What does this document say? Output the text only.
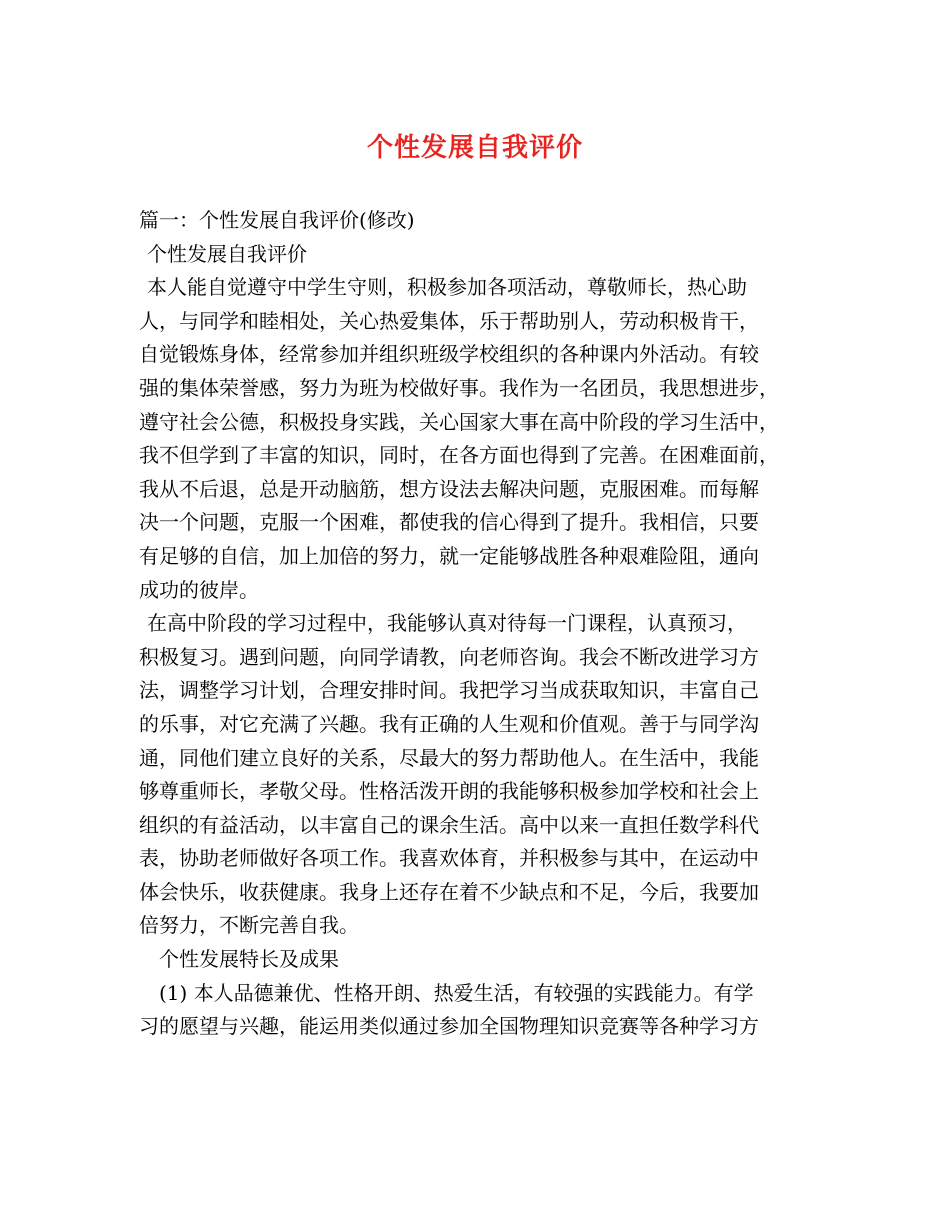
个性发展自我评价
篇一：个性发展自我评价(修改)
个性发展自我评价
本人能自觉遵守中学生守则，积极参加各项活动，尊敬师长，热心助
人，与同学和睦相处，关心热爱集体，乐于帮助别人，劳动积极肯干，
自觉锻炼身体，经常参加并组织班级学校组织的各种课内外活动。有较
强的集体荣誉感，努力为班为校做好事。我作为一名团员，我思想进步，
遵守社会公德，积极投身实践，关心国家大事在高中阶段的学习生活中，
我不但学到了丰富的知识，同时，在各方面也得到了完善。在困难面前，
我从不后退，总是开动脑筋，想方设法去解决问题，克服困难。而每解
决一个问题，克服一个困难，都使我的信心得到了提升。我相信，只要
有足够的自信，加上加倍的努力，就一定能够战胜各种艰难险阻，通向
成功的彼岸。
在高中阶段的学习过程中，我能够认真对待每一门课程，认真预习，
积极复习。遇到问题，向同学请教，向老师咨询。我会不断改进学习方
法，调整学习计划，合理安排时间。我把学习当成获取知识，丰富自己
的乐事，对它充满了兴趣。我有正确的人生观和价值观。善于与同学沟
通，同他们建立良好的关系，尽最大的努力帮助他人。在生活中，我能
够尊重师长，孝敬父母。性格活泼开朗的我能够积极参加学校和社会上
组织的有益活动，以丰富自己的课余生活。高中以来一直担任数学科代
表，协助老师做好各项工作。我喜欢体育，并积极参与其中，在运动中
体会快乐，收获健康。我身上还存在着不少缺点和不足，今后，我要加
倍努力，不断完善自我。
个性发展特长及成果
(1) 本人品德兼优、性格开朗、热爱生活，有较强的实践能力。有学
习的愿望与兴趣，能运用类似通过参加全国物理知识竞赛等各种学习方
